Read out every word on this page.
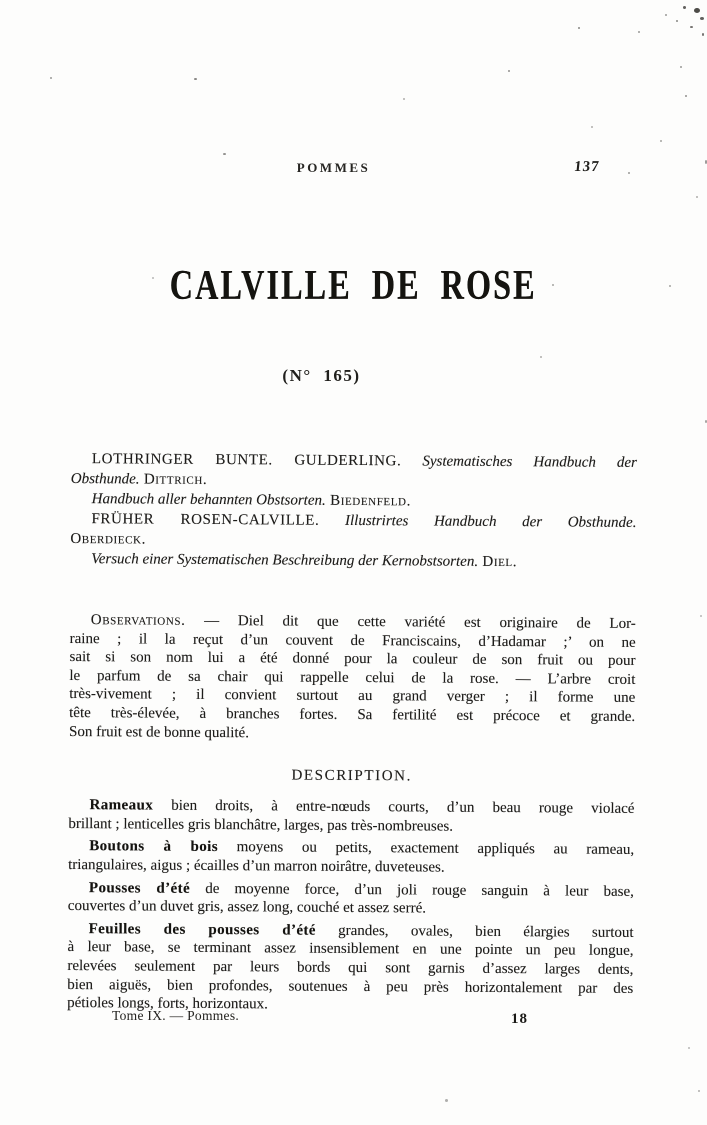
POMMES	137
CALVILLE DE ROSE
(N° 165)

LOTHRINGER BUNTE. GULDERLING. Systematisches Handbuch der

Obsthunde. Dittrich.

Handbuch aller behannten Obstsorten. Biedenfeld.

FRÜHER ROSEN-CALVILLE. Illustrirtes Handbuch der Obsthunde.

Oberdieck.

Versuch einer Systematischen Beschreibung der Kernobstsorten. Diel.

Observations. — Diel dit que cette variété est originaire de Lor-

raine ; il la reçut d’un couvent de Franciscains, d’Hadamar ;’ on ne

sait si son nom lui a été donné pour la couleur de son fruit ou pour

le parfum de sa chair qui rappelle celui de la rose. — L’arbre croit

très-vivement ; il convient surtout au grand verger ; il forme une

tête très-élevée, à branches fortes. Sa fertilité est précoce et grande.

Son fruit est de bonne qualité.

DESCRIPTION.

Rameaux bien droits, à entre-nœuds courts, d’un beau rouge violacé

brillant ; lenticelles gris blanchâtre, larges, pas très-nombreuses.

Boutons à bois moyens ou petits, exactement appliqués au rameau,

triangulaires, aigus ; écailles d’un marron noirâtre, duveteuses.

Pousses d’été de moyenne force, d’un joli rouge sanguin à leur base,

couvertes d’un duvet gris, assez long, couché et assez serré.

Feuilles des pousses d’été grandes, ovales, bien élargies surtout

à leur base, se terminant assez insensiblement en une pointe un peu longue,

relevées seulement par leurs bords qui sont garnis d’assez larges dents,

bien aiguës, bien profondes, soutenues à peu près horizontalement par des

pétioles longs, forts, horizontaux.

Tome IX. — Pommes.	18
